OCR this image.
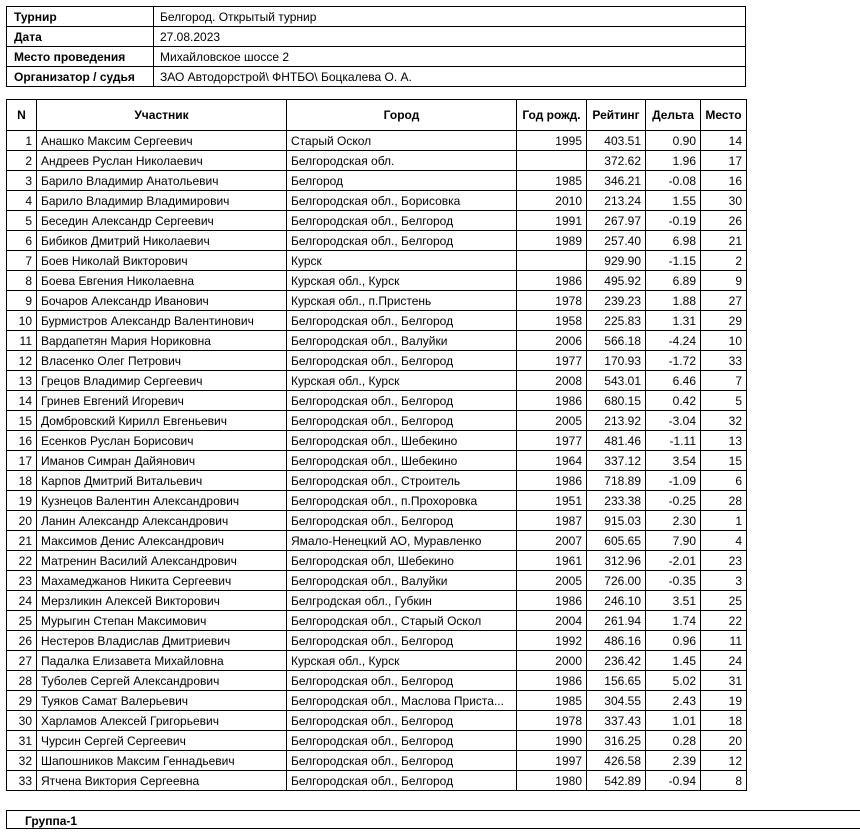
Турнир	Белгород. Открытый турнир
Дата	27.08.2023
Место проведения	Михайловское шоссе 2
Организатор / судья	ЗАО Автодорстрой\ ФНТБО\ Боцкалева О. А.
N	Участник	Город	Год рожд.	Рейтинг	Дельта	Место
1	Анашко Максим Сергеевич	Старый Оскол	1995	403.51	0.90	14
2	Андреев Руслан Николаевич	Белгородская обл.		372.62	1.96	17
3	Барило Владимир Анатольевич	Белгород	1985	346.21	-0.08	16
4	Барило Владимир Владимирович	Белгородская обл., Борисовка	2010	213.24	1.55	30
5	Беседин Александр Сергеевич	Белгородская обл., Белгород	1991	267.97	-0.19	26
6	Бибиков Дмитрий Николаевич	Белгородская обл., Белгород	1989	257.40	6.98	21
7	Боев Николай Викторович	Курск		929.90	-1.15	2
8	Боева Евгения Николаевна	Курская обл., Курск	1986	495.92	6.89	9
9	Бочаров Александр Иванович	Курская обл., п.Пристень	1978	239.23	1.88	27
10	Бурмистров Александр Валентинович	Белгородская обл., Белгород	1958	225.83	1.31	29
11	Вардапетян Мария Нориковна	Белгородская обл., Валуйки	2006	566.18	-4.24	10
12	Власенко Олег Петрович	Белгородская обл., Белгород	1977	170.93	-1.72	33
13	Грецов Владимир Сергеевич	Курская обл., Курск	2008	543.01	6.46	7
14	Гринев Евгений Игоревич	Белгородская обл., Белгород	1986	680.15	0.42	5
15	Домбровский Кирилл Евгеньевич	Белгородская обл., Белгород	2005	213.92	-3.04	32
16	Есенков Руслан Борисович	Белгородская обл., Шебекино	1977	481.46	-1.11	13
17	Иманов Симран Дайянович	Белгородская обл., Шебекино	1964	337.12	3.54	15
18	Карпов Дмитрий Витальевич	Белгородская обл., Строитель	1986	718.89	-1.09	6
19	Кузнецов Валентин Александрович	Белгородская обл., п.Прохоровка	1951	233.38	-0.25	28
20	Ланин Александр Александрович	Белгородская обл., Белгород	1987	915.03	2.30	1
21	Максимов Денис Александрович	Ямало-Ненецкий АО, Муравленко	2007	605.65	7.90	4
22	Матренин Василий Александрович	Белгородская обл, Шебекино	1961	312.96	-2.01	23
23	Махамеджанов Никита Сергеевич	Белгородская обл., Валуйки	2005	726.00	-0.35	3
24	Мерзликин Алексей Викторович	Белгродская обл., Губкин	1986	246.10	3.51	25
25	Мурыгин Степан Максимович	Белгородская обл., Старый Оскол	2004	261.94	1.74	22
26	Нестеров Владислав Дмитриевич	Белгородская обл., Белгород	1992	486.16	0.96	11
27	Падалка Елизавета Михайловна	Курская обл., Курск	2000	236.42	1.45	24
28	Туболев Сергей Александрович	Белгородская обл., Белгород	1986	156.65	5.02	31
29	Туяков Самат Валерьевич	Белгородская обл., Маслова Приста...	1985	304.55	2.43	19
30	Харламов Алексей Григорьевич	Белгородская обл., Белгород	1978	337.43	1.01	18
31	Чурсин Сергей Сергеевич	Белгородская обл., Белгород	1990	316.25	0.28	20
32	Шапошников Максим Геннадьевич	Белгородская обл., Белгород	1997	426.58	2.39	12
33	Ятчена Виктория Сергеевна	Белгородская обл., Белгород	1980	542.89	-0.94	8
Группа-1
